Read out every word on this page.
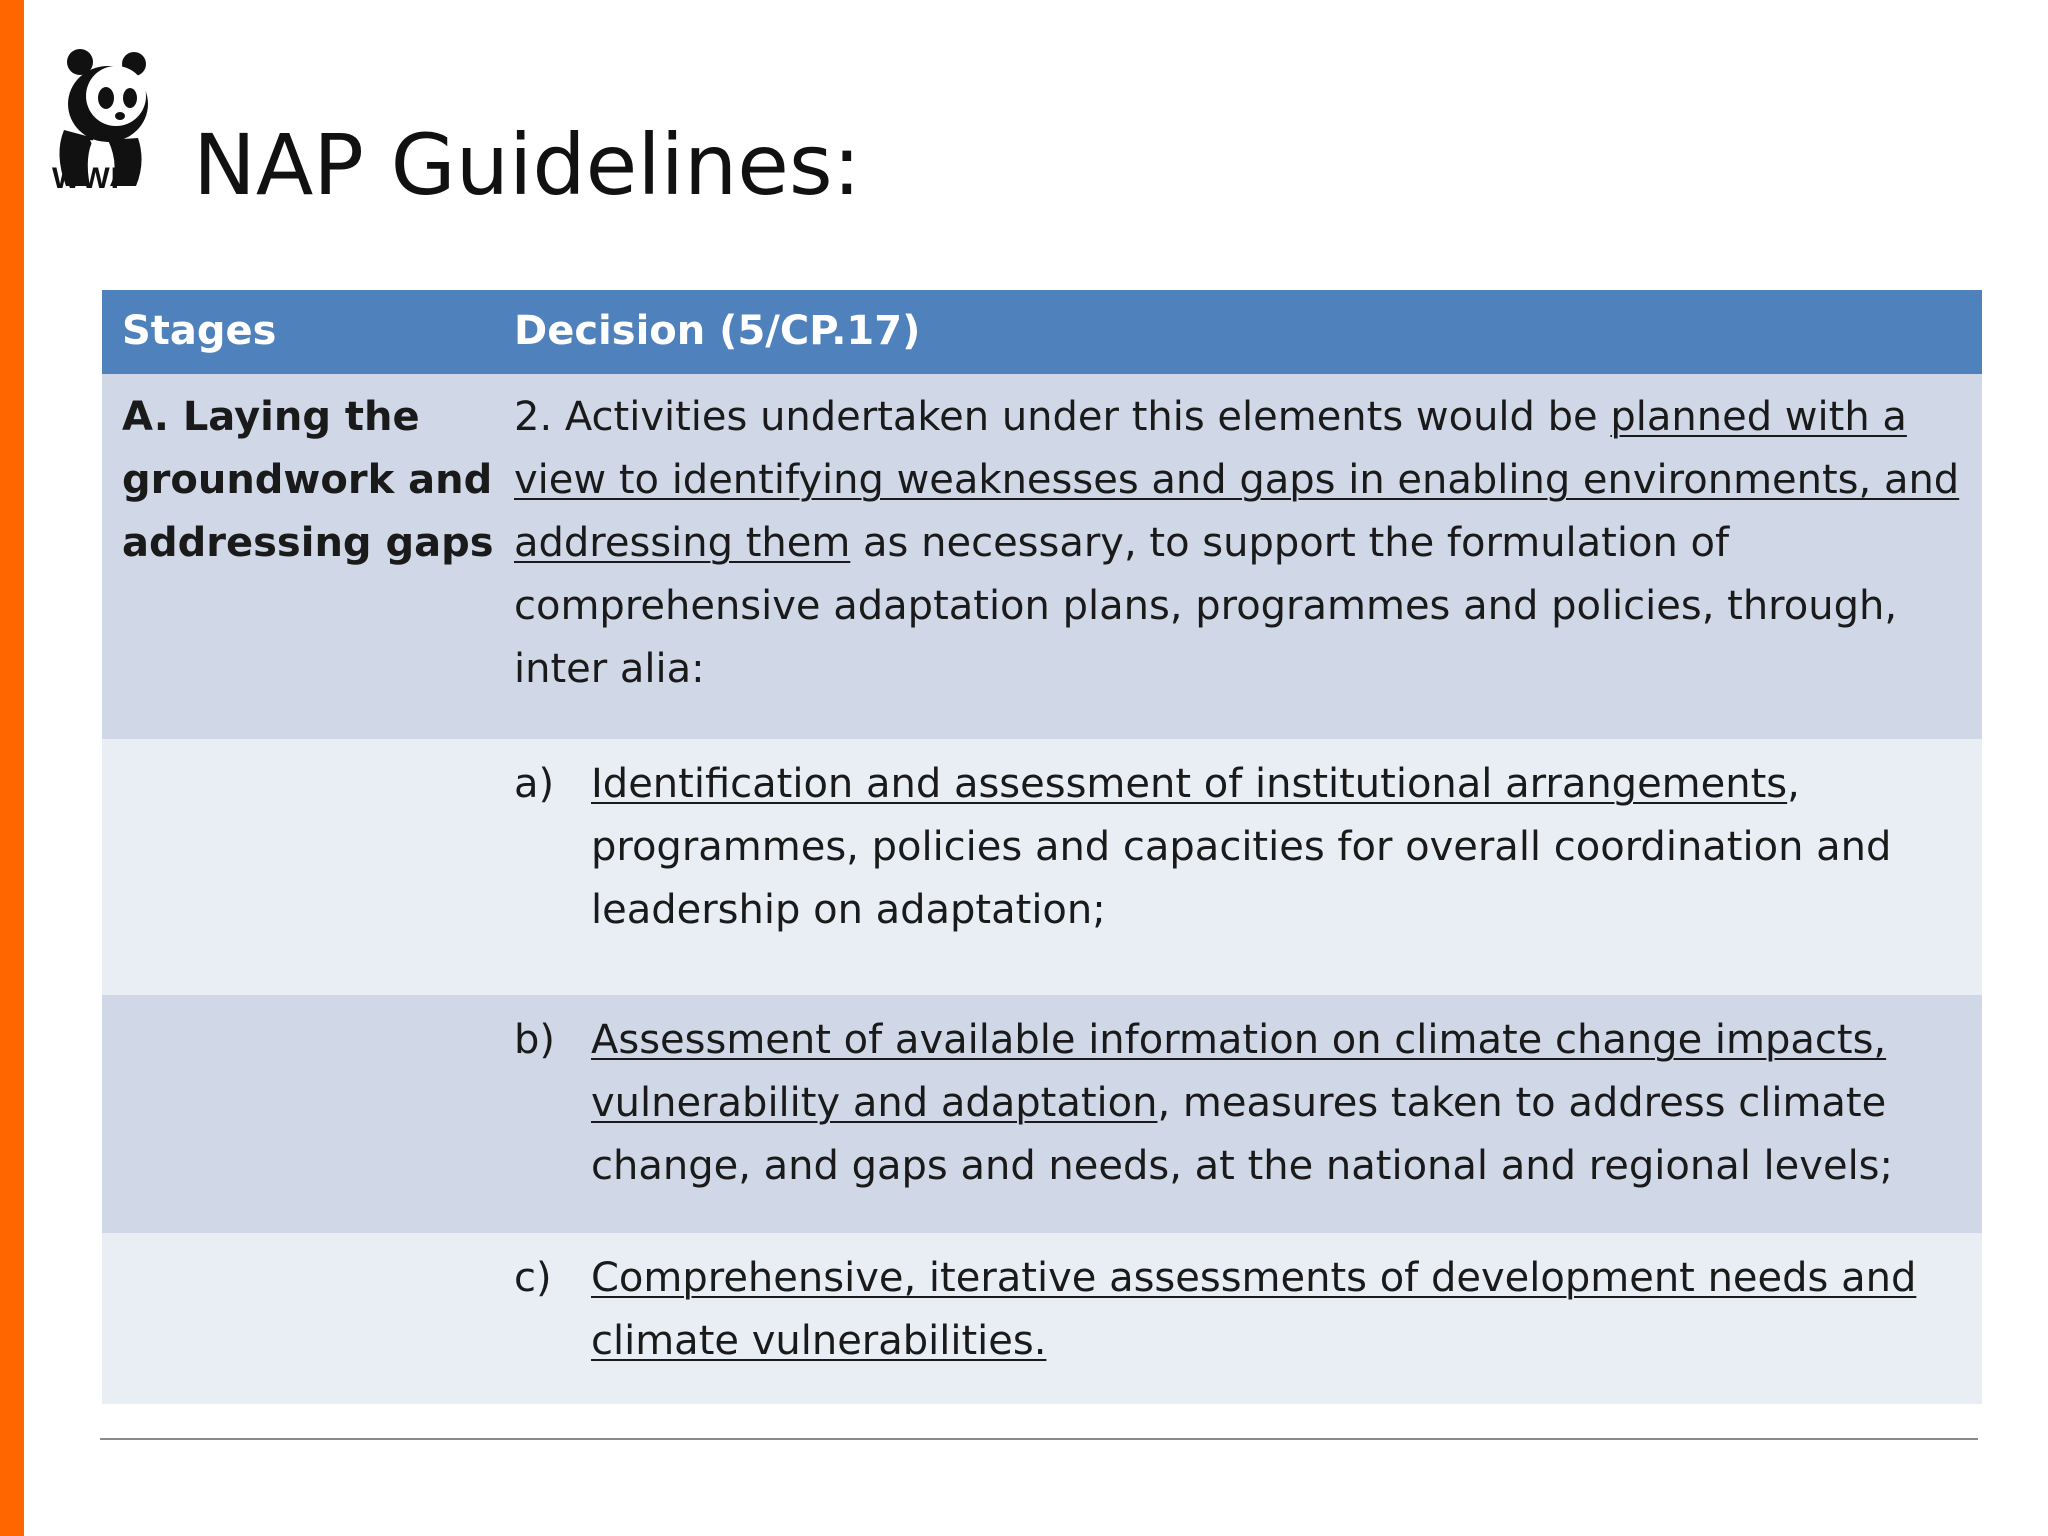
WWF NAP Guidelines:
Stages	Decision (5/CP.17)

A. Laying the groundwork and addressing gaps	2. Activities undertaken under this elements would be planned with a view to identifying weaknesses and gaps in enabling environments, and addressing them as necessary, to support the formulation of comprehensive adaptation plans, programmes and policies, through, inter alia:

	a) Identification and assessment of institutional arrangements, programmes, policies and capacities for overall coordination and leadership on adaptation;

	b) Assessment of available information on climate change impacts, vulnerability and adaptation, measures taken to address climate change, and gaps and needs, at the national and regional levels;

	c) Comprehensive, iterative assessments of development needs and climate vulnerabilities.
